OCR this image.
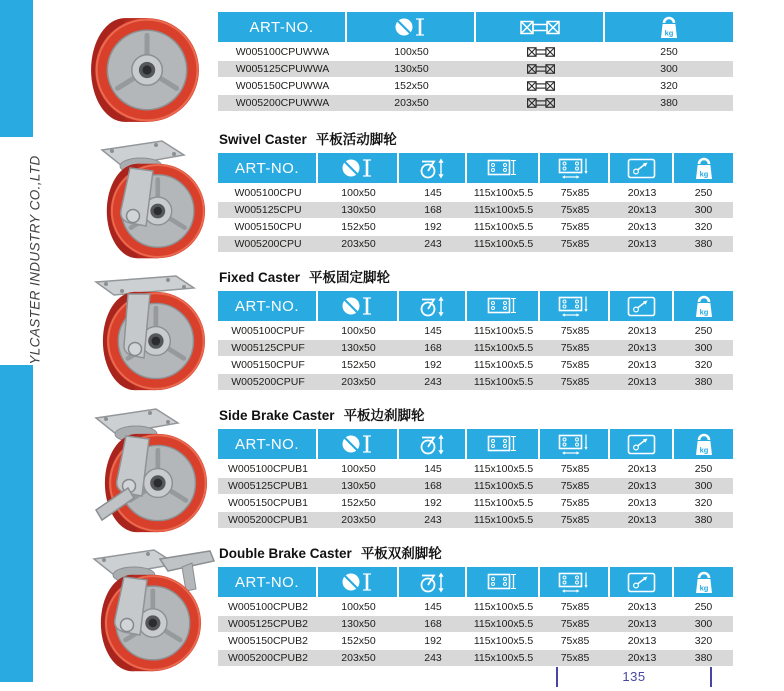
YLCASTER INDUSTRY CO.,LTD
ART-NO.			kg

W005100CPUWWA	100x50		250
W005125CPUWWA	130x50		300
W005150CPUWWA	152x50		320
W005200CPUWWA	203x50		380
Swivel Caster 平板活动脚轮
ART-NO.						kg

W005100CPU	100x50	145	115x100x5.5	75x85	20x13	250
W005125CPU	130x50	168	115x100x5.5	75x85	20x13	300
W005150CPU	152x50	192	115x100x5.5	75x85	20x13	320
W005200CPU	203x50	243	115x100x5.5	75x85	20x13	380
Fixed Caster 平板固定脚轮
ART-NO.						kg

W005100CPUF	100x50	145	115x100x5.5	75x85	20x13	250
W005125CPUF	130x50	168	115x100x5.5	75x85	20x13	300
W005150CPUF	152x50	192	115x100x5.5	75x85	20x13	320
W005200CPUF	203x50	243	115x100x5.5	75x85	20x13	380
Side Brake Caster 平板边刹脚轮
ART-NO.						kg

W005100CPUB1	100x50	145	115x100x5.5	75x85	20x13	250
W005125CPUB1	130x50	168	115x100x5.5	75x85	20x13	300
W005150CPUB1	152x50	192	115x100x5.5	75x85	20x13	320
W005200CPUB1	203x50	243	115x100x5.5	75x85	20x13	380
Double Brake Caster 平板双刹脚轮
ART-NO.						kg

W005100CPUB2	100x50	145	115x100x5.5	75x85	20x13	250
W005125CPUB2	130x50	168	115x100x5.5	75x85	20x13	300
W005150CPUB2	152x50	192	115x100x5.5	75x85	20x13	320
W005200CPUB2	203x50	243	115x100x5.5	75x85	20x13	380
135
